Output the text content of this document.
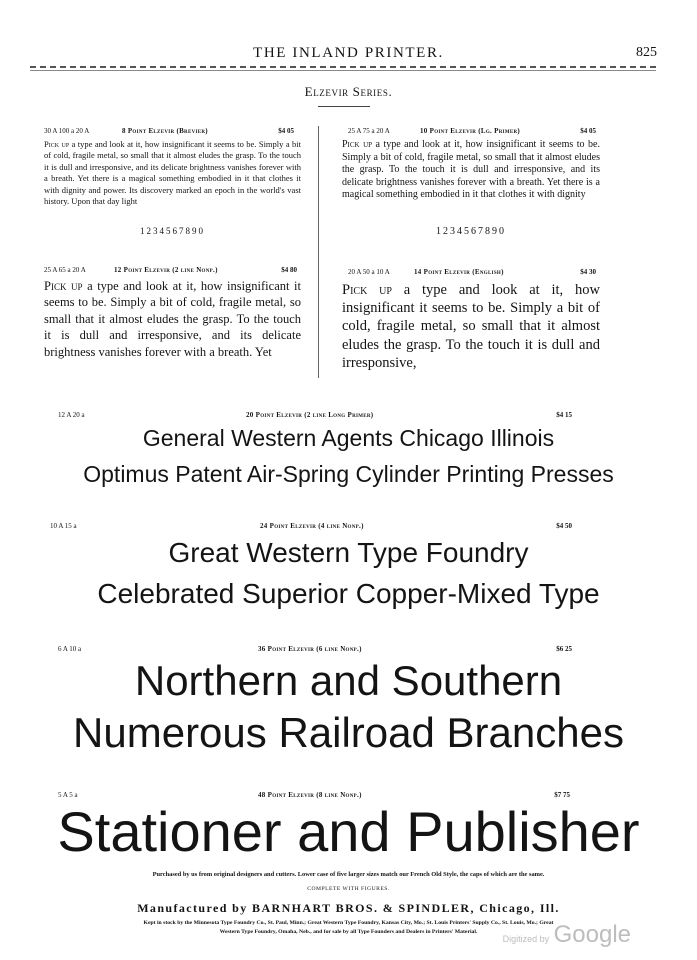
THE INLAND PRINTER.	825
Elzevir Series.
30 A 100 a 20 A	8 Point Elzevir (Brevier)	$4 05
Pick up a type and look at it, how insignificant it seems to be. Simply a bit of cold, fragile metal, so small that it almost eludes the grasp. To the touch it is dull and irresponsive, and its delicate brightness vanishes forever with a breath. Yet there is a magical something embodied in it that clothes it with dignity and power. Its discovery marked an epoch in the world's vast history. Upon that day light
1234567890
25 A 75 a 20 A	10 Point Elzevir (Lg. Primer)	$4 05
Pick up a type and look at it, how insignificant it seems to be. Simply a bit of cold, fragile metal, so small that it almost eludes the grasp. To the touch it is dull and irresponsive, and its delicate brightness vanishes forever with a breath. Yet there is a magical something embodied in it that clothes it with dignity
1234567890
25 A 65 a 20 A	12 Point Elzevir (2 line Nonp.)	$4 80
Pick up a type and look at it, how insignificant it seems to be. Simply a bit of cold, fragile metal, so small that it almost eludes the grasp. To the touch it is dull and irresponsive, and its delicate brightness vanishes forever with a breath. Yet
20 A 50 a 10 A	14 Point Elzevir (English)	$4 30
Pick up a type and look at it, how insignificant it seems to be. Simply a bit of cold, fragile metal, so small that it almost eludes the grasp. To the touch it is dull and irresponsive,
12 A 20 a	20 Point Elzevir (2 line Long Primer)	$4 15
General Western Agents Chicago Illinois
Optimus Patent Air-Spring Cylinder Printing Presses
10 A 15 a	24 Point Elzevir (4 line Nonp.)	$4 50
Great Western Type Foundry
Celebrated Superior Copper-Mixed Type
6 A 10 a	36 Point Elzevir (6 line Nonp.)	$6 25
Northern and Southern
Numerous Railroad Branches
5 A 5 a	48 Point Elzevir (8 line Nonp.)	$7 75
Stationer and Publisher
Purchased by us from original designers and cutters. Lower case of five larger sizes match our French Old Style, the caps of which are the same.
COMPLETE WITH FIGURES.
Manufactured by BARNHART BROS. & SPINDLER, Chicago, Ill.
Kept in stock by the Minnesota Type Foundry Co., St. Paul, Minn.; Great Western Type Foundry, Kansas City, Mo.; St. Louis Printers' Supply Co., St. Louis, Mo.; Great
Western Type Foundry, Omaha, Neb., and for sale by all Type Founders and Dealers in Printers' Material.
Digitized by Google
